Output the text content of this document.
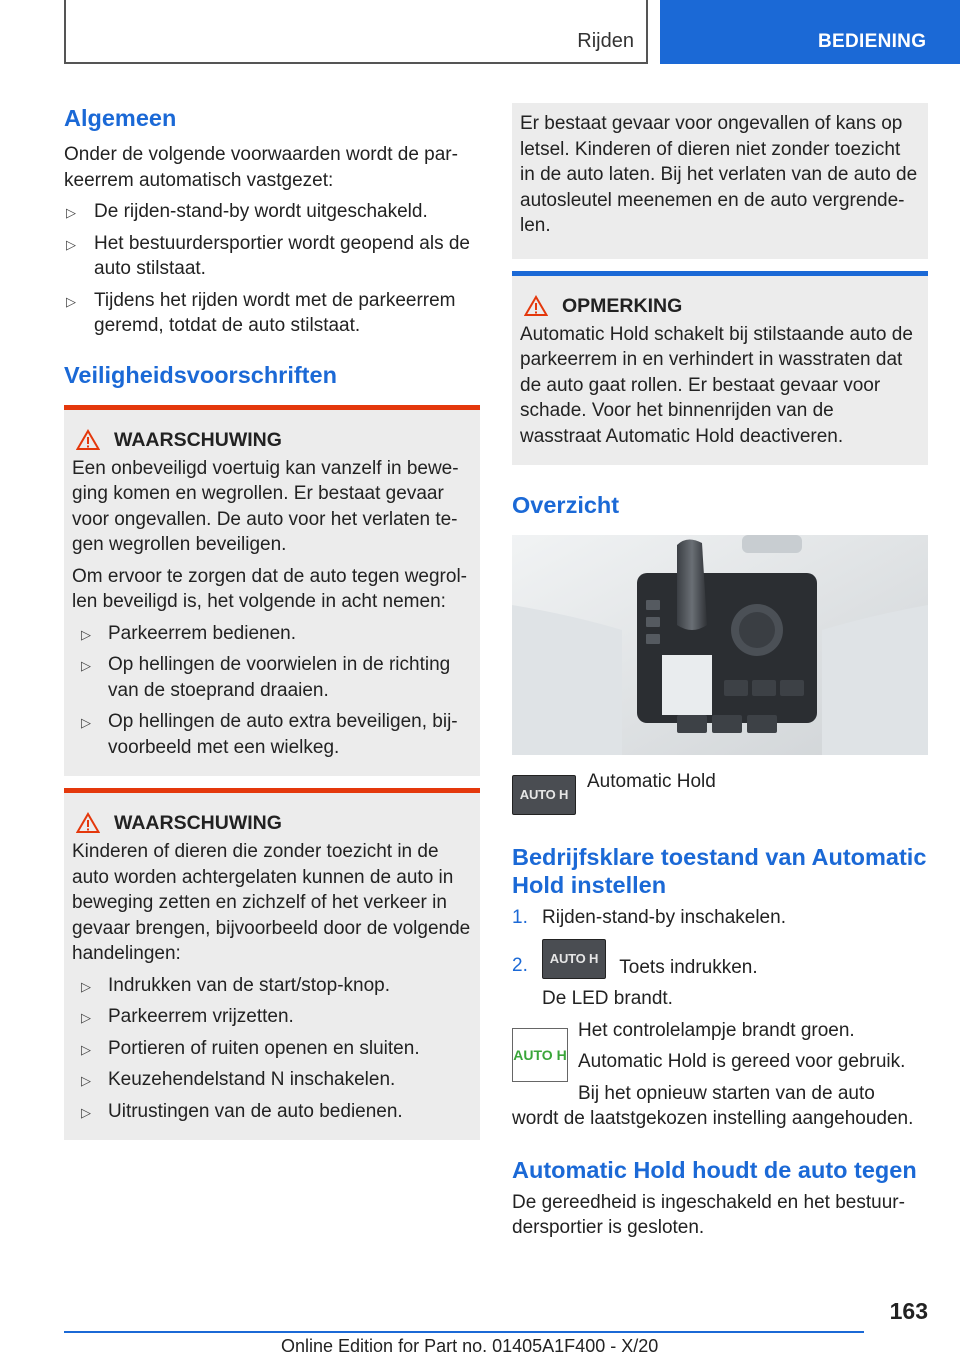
Rijden	BEDIENING
Algemeen

Onder de volgende voorwaarden wordt de par-keerrem automatisch vastgezet:

▷ De rijden-stand-by wordt uitgeschakeld.
▷ Het bestuurdersportier wordt geopend als de auto stilstaat.
▷ Tijdens het rijden wordt met de parkeerrem geremd, totdat de auto stilstaat.
Veiligheidsvoorschriften
WAARSCHUWING

Een onbeveiligd voertuig kan vanzelf in bewe-ging komen en wegrollen. Er bestaat gevaar voor ongevallen. De auto voor het verlaten te-gen wegrollen beveiligen.

Om ervoor te zorgen dat de auto tegen wegrol-len beveiligd is, het volgende in acht nemen:

▷ Parkeerrem bedienen.
▷ Op hellingen de voorwielen in de richting van de stoeprand draaien.
▷ Op hellingen de auto extra beveiligen, bij-voorbeeld met een wielkeg.
WAARSCHUWING

Kinderen of dieren die zonder toezicht in de auto worden achtergelaten kunnen de auto in beweging zetten en zichzelf of het verkeer in gevaar brengen, bijvoorbeeld door de volgende handelingen:

▷ Indrukken van de start/stop-knop.
▷ Parkeerrem vrijzetten.
▷ Portieren of ruiten openen en sluiten.
▷ Keuzehendelstand N inschakelen.
▷ Uitrustingen van de auto bedienen.

Er bestaat gevaar voor ongevallen of kans op letsel. Kinderen of dieren niet zonder toezicht in de auto laten. Bij het verlaten van de auto de autosleutel meenemen en de auto vergrende-len.

OPMERKING

Automatic Hold schakelt bij stilstaande auto de parkeerrem in en verhindert in wasstraten dat de auto gaat rollen. Er bestaat gevaar voor schade. Voor het binnenrijden van de wasstraat Automatic Hold deactiveren.

Overzicht
AUTO H

Automatic Hold

Bedrijfsklare toestand van Automatic Hold instellen
1. Rijden-stand-by inschakelen.
2. AUTO H Toets indrukken.

De LED brandt.

AUTO H

Het controlelampje brandt groen.

Automatic Hold is gereed voor gebruik.

Bij het opnieuw starten van de auto

wordt de laatstgekozen instelling aangehouden.

Automatic Hold houdt de auto tegen

De gereedheid is ingeschakeld en het bestuur-dersportier is gesloten.

163
Online Edition for Part no. 01405A1F400 - X/20
